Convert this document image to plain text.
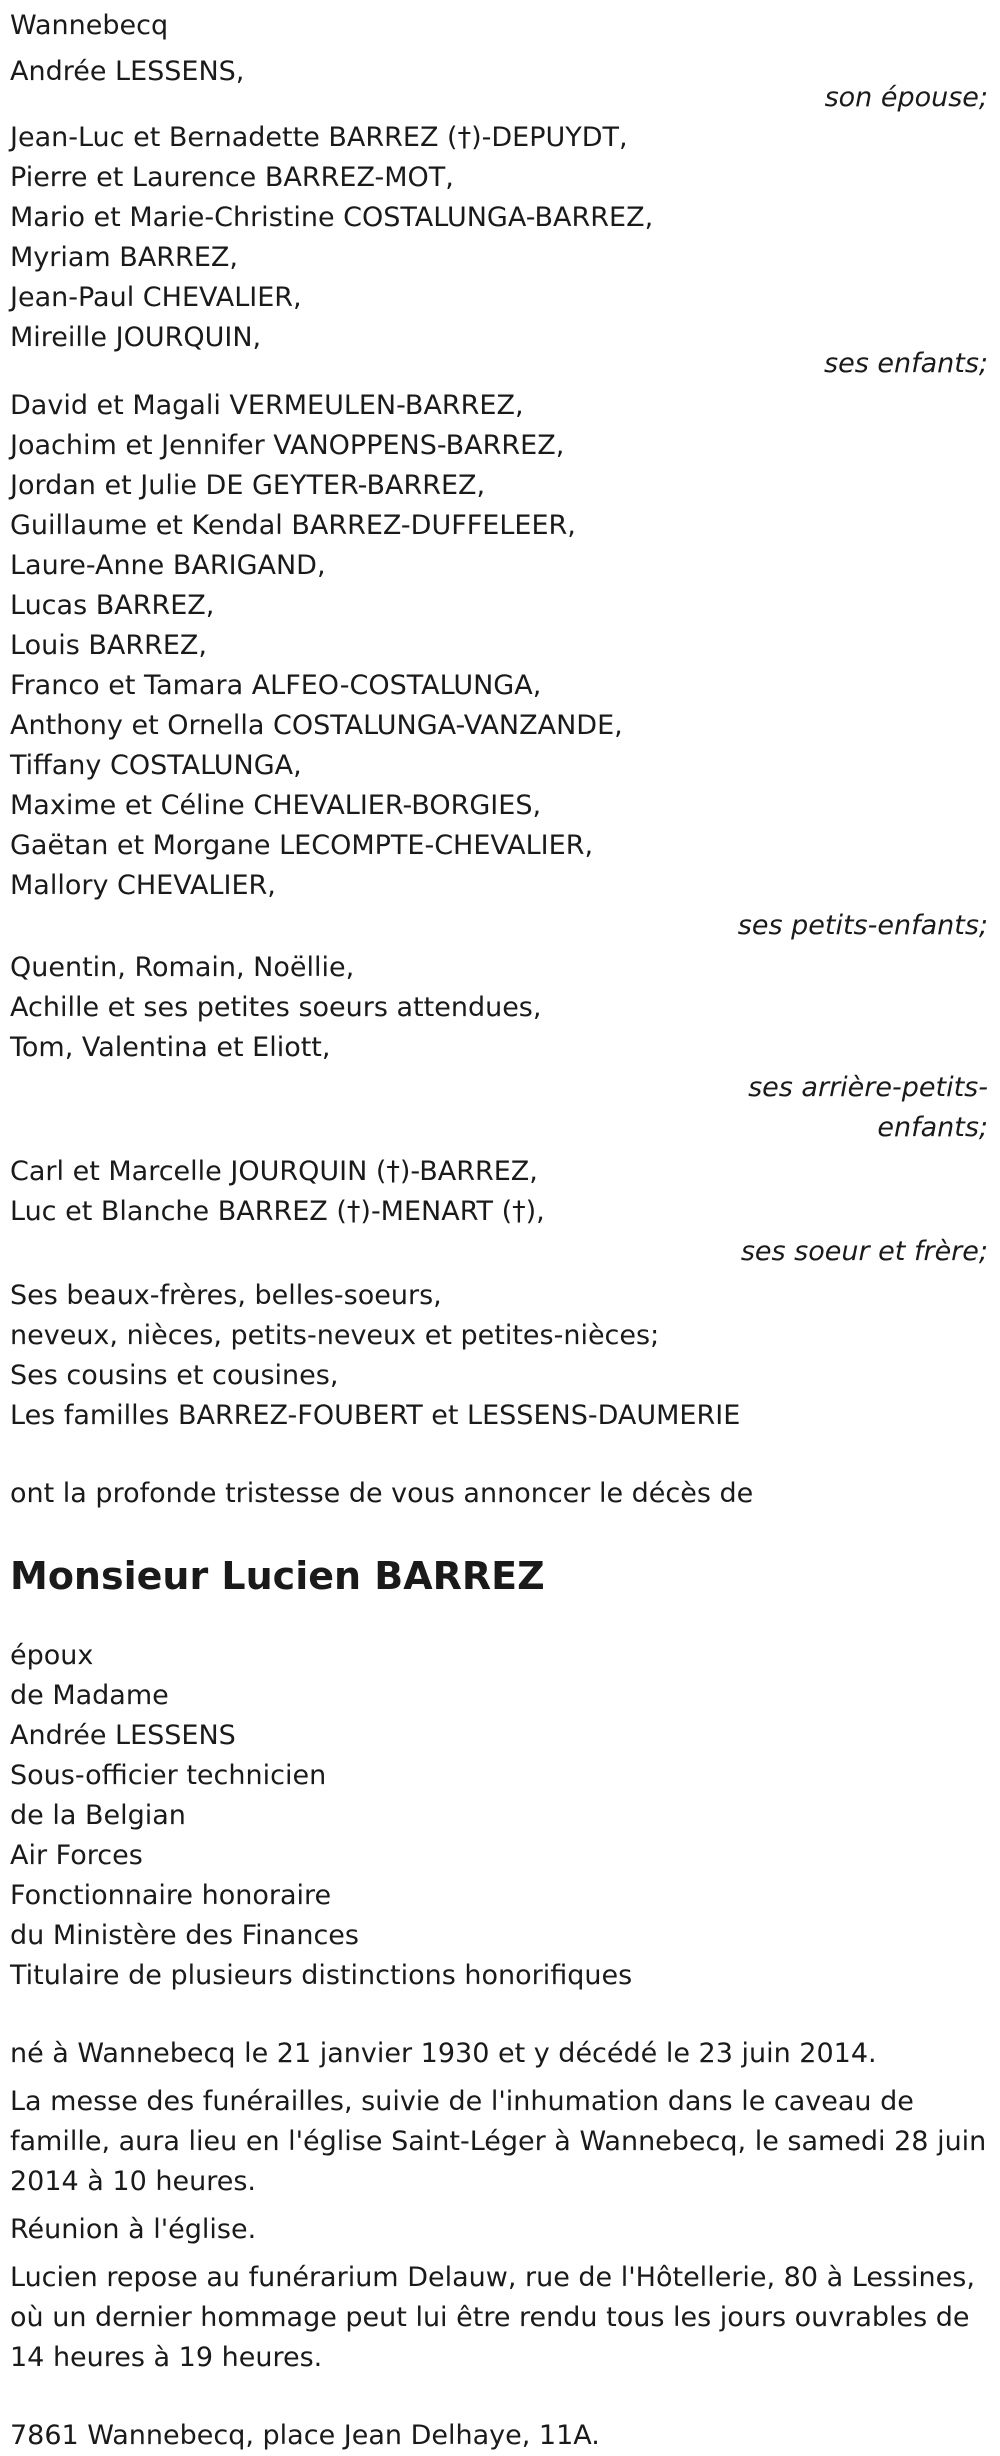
Wannebecq
Andrée LESSENS,
son épouse;
Jean-Luc et Bernadette BARREZ (†)-DEPUYDT,
Pierre et Laurence BARREZ-MOT,
Mario et Marie-Christine COSTALUNGA-BARREZ,
Myriam BARREZ,
Jean-Paul CHEVALIER,
Mireille JOURQUIN,
ses enfants;
David et Magali VERMEULEN-BARREZ,
Joachim et Jennifer VANOPPENS-BARREZ,
Jordan et Julie DE GEYTER-BARREZ,
Guillaume et Kendal BARREZ-DUFFELEER,
Laure-Anne BARIGAND,
Lucas BARREZ,
Louis BARREZ,
Franco et Tamara ALFEO-COSTALUNGA,
Anthony et Ornella COSTALUNGA-VANZANDE,
Tiffany COSTALUNGA,
Maxime et Céline CHEVALIER-BORGIES,
Gaëtan et Morgane LECOMPTE-CHEVALIER,
Mallory CHEVALIER,
ses petits-enfants;
Quentin, Romain, Noëllie,
Achille et ses petites soeurs attendues,
Tom, Valentina et Eliott,
ses arrière-petits-
enfants;
Carl et Marcelle JOURQUIN (†)-BARREZ,
Luc et Blanche BARREZ (†)-MENART (†),
ses soeur et frère;
Ses beaux-frères, belles-soeurs,
neveux, nièces, petits-neveux et petites-nièces;
Ses cousins et cousines,
Les familles BARREZ-FOUBERT et LESSENS-DAUMERIE
ont la profonde tristesse de vous annoncer le décès de
Monsieur Lucien BARREZ
époux
de Madame
Andrée LESSENS
Sous-officier technicien
de la Belgian
Air Forces
Fonctionnaire honoraire
du Ministère des Finances
Titulaire de plusieurs distinctions honorifiques
né à Wannebecq le 21 janvier 1930 et y décédé le 23 juin 2014.
La messe des funérailles, suivie de l'inhumation dans le caveau de famille, aura lieu en l'église Saint-Léger à Wannebecq, le samedi 28 juin 2014 à 10 heures.
Réunion à l'église.
Lucien repose au funérarium Delauw, rue de l'Hôtellerie, 80 à Lessines, où un dernier hommage peut lui être rendu tous les jours ouvrables de 14 heures à 19 heures.
7861 Wannebecq, place Jean Delhaye, 11A.
